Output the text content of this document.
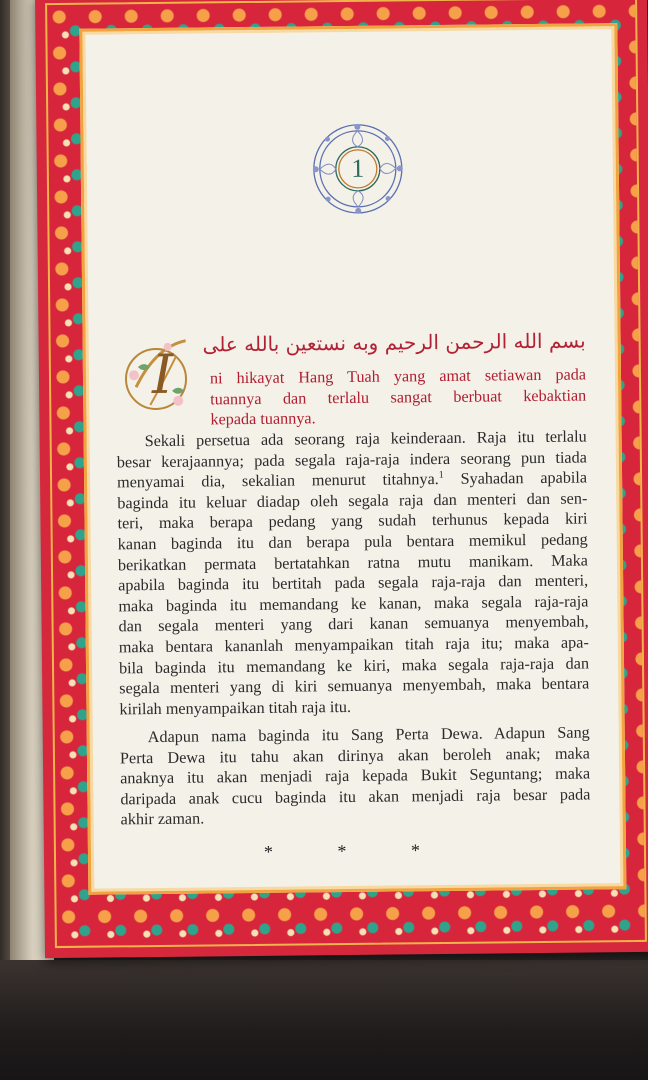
1
I
بسم الله الرحمن الرحيم وبه نستعين بالله على
ni hikayat Hang Tuah yang amat setiawan pada
tuannya dan terlalu sangat berbuat kebaktian
kepada tuannya.
Sekali persetua ada seorang raja keinderaan. Raja itu terlalu
besar kerajaannya; pada segala raja-raja indera seorang pun tiada
menyamai dia, sekalian menurut titahnya.$^1$ Syahadan apabila
baginda itu keluar diadap oleh segala raja dan menteri dan sen-
teri, maka berapa pedang yang sudah terhunus kepada kiri
kanan baginda itu dan berapa pula bentara memikul pedang
berikatkan permata bertatahkan ratna mutu manikam. Maka
apabila baginda itu bertitah pada segala raja-raja dan menteri,
maka baginda itu memandang ke kanan, maka segala raja-raja
dan segala menteri yang dari kanan semuanya menyembah,
maka bentara kananlah menyampaikan titah raja itu; maka apa-
bila baginda itu memandang ke kiri, maka segala raja-raja dan
segala menteri yang di kiri semuanya menyembah, maka bentara
kirilah menyampaikan titah raja itu.
Adapun nama baginda itu Sang Perta Dewa. Adapun Sang
Perta Dewa itu tahu akan dirinya akan beroleh anak; maka
anaknya itu akan menjadi raja kepada Bukit Seguntang; maka
daripada anak cucu baginda itu akan menjadi raja besar pada
akhir zaman.
* * *
